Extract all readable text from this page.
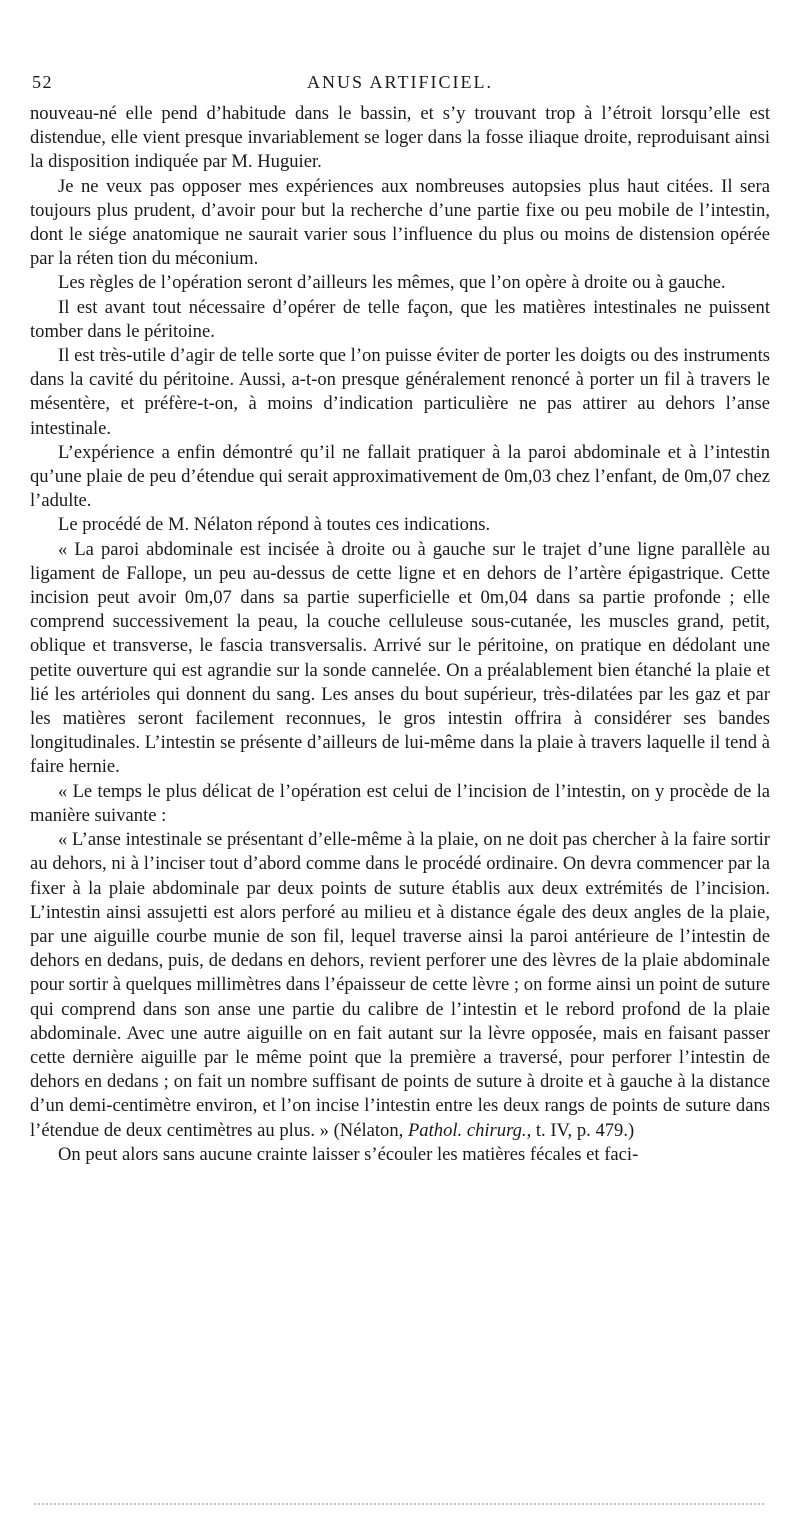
52	ANUS ARTIFICIEL.

nouveau-né elle pend d’habitude dans le bassin, et s’y trouvant trop à l’étroit lorsqu’elle est distendue, elle vient presque invariablement se loger dans la fosse iliaque droite, reproduisant ainsi la disposition indiquée par M. Huguier.

Je ne veux pas opposer mes expériences aux nombreuses autopsies plus haut citées. Il sera toujours plus prudent, d’avoir pour but la recherche d’une partie fixe ou peu mobile de l’intestin, dont le siége anatomique ne saurait varier sous l’influence du plus ou moins de distension opérée par la réten tion du méconium.

Les règles de l’opération seront d’ailleurs les mêmes, que l’on opère à droite ou à gauche.

Il est avant tout nécessaire d’opérer de telle façon, que les matières intestinales ne puissent tomber dans le péritoine.

Il est très-utile d’agir de telle sorte que l’on puisse éviter de porter les doigts ou des instruments dans la cavité du péritoine. Aussi, a-t-on presque généralement renoncé à porter un fil à travers le mésentère, et préfère-t-on, à moins d’indication particulière ne pas attirer au dehors l’anse intestinale.

L’expérience a enfin démontré qu’il ne fallait pratiquer à la paroi abdominale et à l’intestin qu’une plaie de peu d’étendue qui serait approximativement de 0m,03 chez l’enfant, de 0m,07 chez l’adulte.

Le procédé de M. Nélaton répond à toutes ces indications.

« La paroi abdominale est incisée à droite ou à gauche sur le trajet d’une ligne parallèle au ligament de Fallope, un peu au-dessus de cette ligne et en dehors de l’artère épigastrique. Cette incision peut avoir 0m,07 dans sa partie superficielle et 0m,04 dans sa partie profonde ; elle comprend successivement la peau, la couche celluleuse sous-cutanée, les muscles grand, petit, oblique et transverse, le fascia transversalis. Arrivé sur le péritoine, on pratique en dédolant une petite ouverture qui est agrandie sur la sonde cannelée. On a préalablement bien étanché la plaie et lié les artérioles qui donnent du sang. Les anses du bout supérieur, très-dilatées par les gaz et par les matières seront facilement reconnues, le gros intestin offrira à considérer ses bandes longitudinales. L’intestin se présente d’ailleurs de lui-même dans la plaie à travers laquelle il tend à faire hernie.

« Le temps le plus délicat de l’opération est celui de l’incision de l’intestin, on y procède de la manière suivante :

« L’anse intestinale se présentant d’elle-même à la plaie, on ne doit pas chercher à la faire sortir au dehors, ni à l’inciser tout d’abord comme dans le procédé ordinaire. On devra commencer par la fixer à la plaie abdominale par deux points de suture établis aux deux extrémités de l’incision. L’intestin ainsi assujetti est alors perforé au milieu et à distance égale des deux angles de la plaie, par une aiguille courbe munie de son fil, lequel traverse ainsi la paroi antérieure de l’intestin de dehors en dedans, puis, de dedans en dehors, revient perforer une des lèvres de la plaie abdominale pour sortir à quelques millimètres dans l’épaisseur de cette lèvre ; on forme ainsi un point de suture qui comprend dans son anse une partie du calibre de l’intestin et le rebord profond de la plaie abdominale. Avec une autre aiguille on en fait autant sur la lèvre opposée, mais en faisant passer cette dernière aiguille par le même point que la première a traversé, pour perforer l’intestin de dehors en dedans ; on fait un nombre suffisant de points de suture à droite et à gauche à la distance d’un demi-centimètre environ, et l’on incise l’intestin entre les deux rangs de points de suture dans l’étendue de deux centimètres au plus. » (Nélaton, Pathol. chirurg., t. IV, p. 479.)

On peut alors sans aucune crainte laisser s’écouler les matières fécales et faci-
